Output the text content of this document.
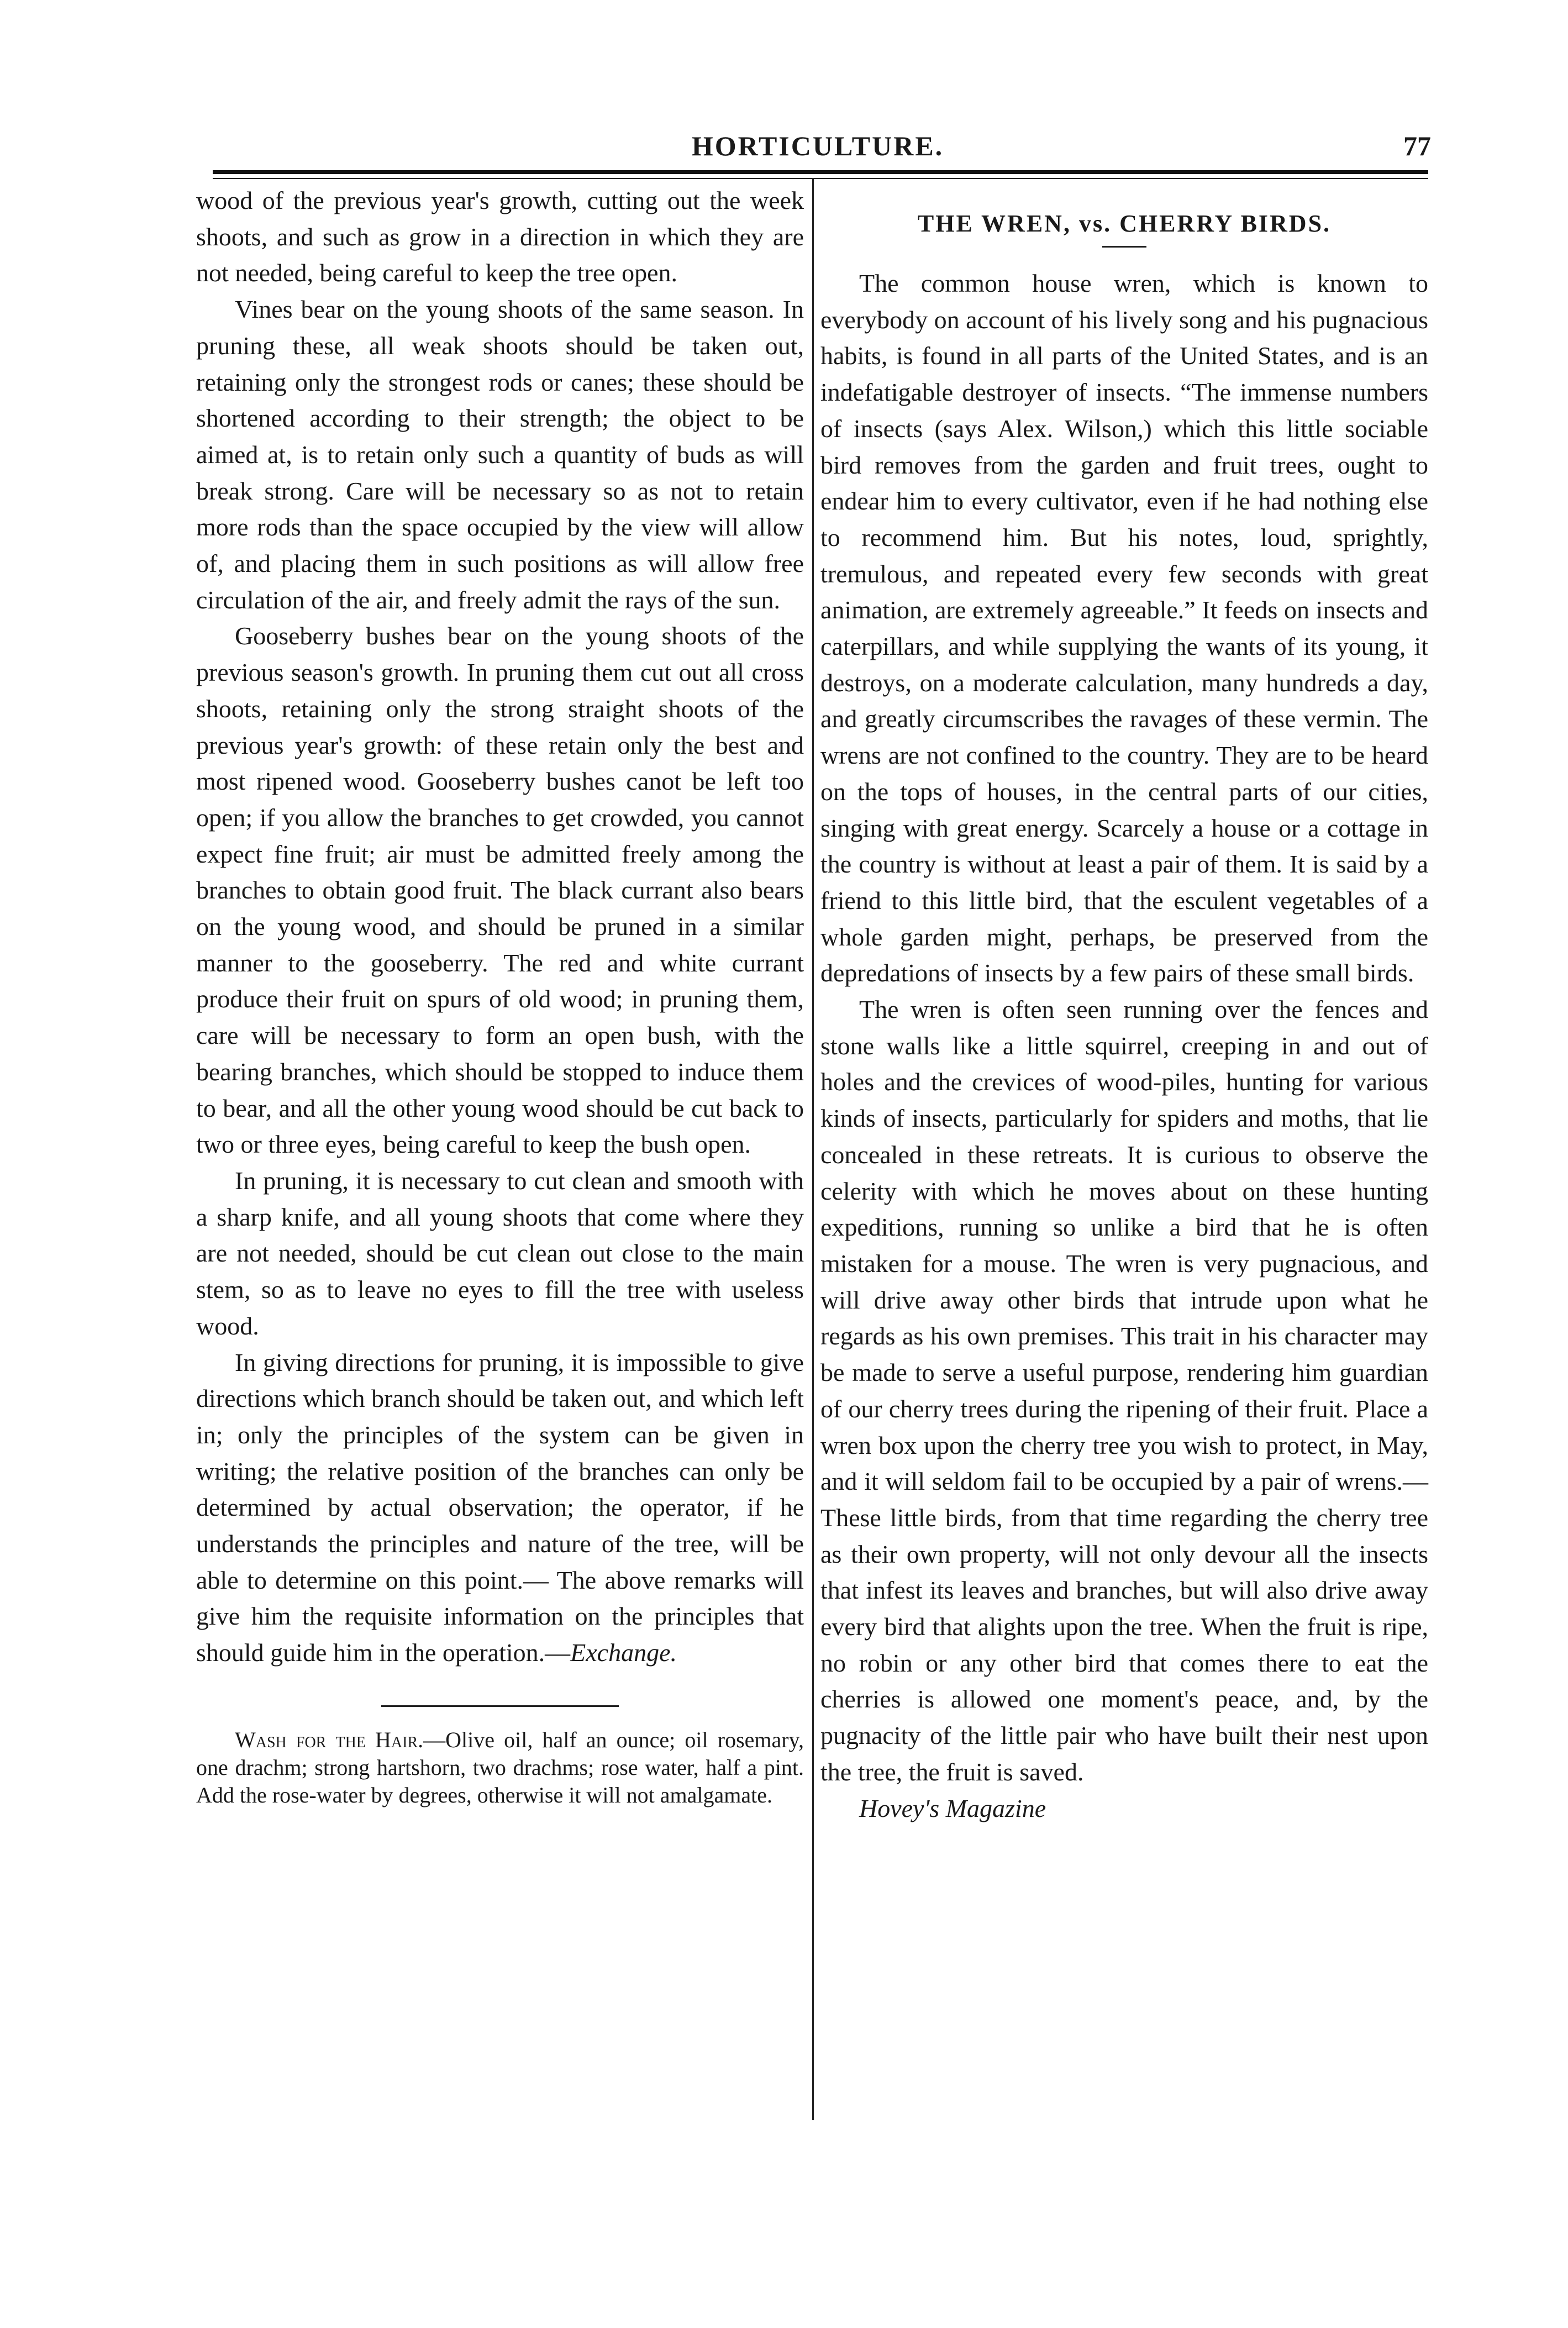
HORTICULTURE.	77

wood of the previous year's growth, cutting out the week shoots, and such as grow in a direction in which they are not needed, being careful to keep the tree open.

Vines bear on the young shoots of the same season. In pruning these, all weak shoots should be taken out, retaining only the strongest rods or canes; these should be shortened according to their strength; the object to be aimed at, is to retain only such a quantity of buds as will break strong. Care will be necessary so as not to retain more rods than the space occupied by the view will allow of, and placing them in such positions as will allow free circulation of the air, and freely admit the rays of the sun.

Gooseberry bushes bear on the young shoots of the previous season's growth. In pruning them cut out all cross shoots, retaining only the strong straight shoots of the previous year's growth: of these retain only the best and most ripened wood. Gooseberry bushes canot be left too open; if you allow the branches to get crowded, you cannot expect fine fruit; air must be admitted freely among the branches to obtain good fruit. The black currant also bears on the young wood, and should be pruned in a similar manner to the gooseberry. The red and white currant produce their fruit on spurs of old wood; in pruning them, care will be necessary to form an open bush, with the bearing branches, which should be stopped to induce them to bear, and all the other young wood should be cut back to two or three eyes, being careful to keep the bush open.

In pruning, it is necessary to cut clean and smooth with a sharp knife, and all young shoots that come where they are not needed, should be cut clean out close to the main stem, so as to leave no eyes to fill the tree with useless wood.

In giving directions for pruning, it is impossible to give directions which branch should be taken out, and which left in; only the principles of the system can be given in writing; the relative position of the branches can only be determined by actual observation; the operator, if he understands the principles and nature of the tree, will be able to determine on this point.— The above remarks will give him the requisite information on the principles that should guide him in the operation.—Exchange.

Wash for the Hair.—Olive oil, half an ounce; oil rosemary, one drachm; strong hartshorn, two drachms; rose water, half a pint. Add the rose-water by degrees, otherwise it will not amalgamate.

THE WREN, vs. CHERRY BIRDS.

The common house wren, which is known to everybody on account of his lively song and his pugnacious habits, is found in all parts of the United States, and is an indefatigable destroyer of insects. “The immense numbers of insects (says Alex. Wilson,) which this little sociable bird removes from the garden and fruit trees, ought to endear him to every cultivator, even if he had nothing else to recommend him. But his notes, loud, sprightly, tremulous, and repeated every few seconds with great animation, are extremely agreeable.” It feeds on insects and caterpillars, and while supplying the wants of its young, it destroys, on a moderate calculation, many hundreds a day, and greatly circumscribes the ravages of these vermin. The wrens are not confined to the country. They are to be heard on the tops of houses, in the central parts of our cities, singing with great energy. Scarcely a house or a cottage in the country is without at least a pair of them. It is said by a friend to this little bird, that the esculent vegetables of a whole garden might, perhaps, be preserved from the depredations of insects by a few pairs of these small birds.

The wren is often seen running over the fences and stone walls like a little squirrel, creeping in and out of holes and the crevices of wood-piles, hunting for various kinds of insects, particularly for spiders and moths, that lie concealed in these retreats. It is curious to observe the celerity with which he moves about on these hunting expeditions, running so unlike a bird that he is often mistaken for a mouse. The wren is very pugnacious, and will drive away other birds that intrude upon what he regards as his own premises. This trait in his character may be made to serve a useful purpose, rendering him guardian of our cherry trees during the ripening of their fruit. Place a wren box upon the cherry tree you wish to protect, in May, and it will seldom fail to be occupied by a pair of wrens.— These little birds, from that time regarding the cherry tree as their own property, will not only devour all the insects that infest its leaves and branches, but will also drive away every bird that alights upon the tree. When the fruit is ripe, no robin or any other bird that comes there to eat the cherries is allowed one moment's peace, and, by the pugnacity of the little pair who have built their nest upon the tree, the fruit is saved.

Hovey's Magazine
